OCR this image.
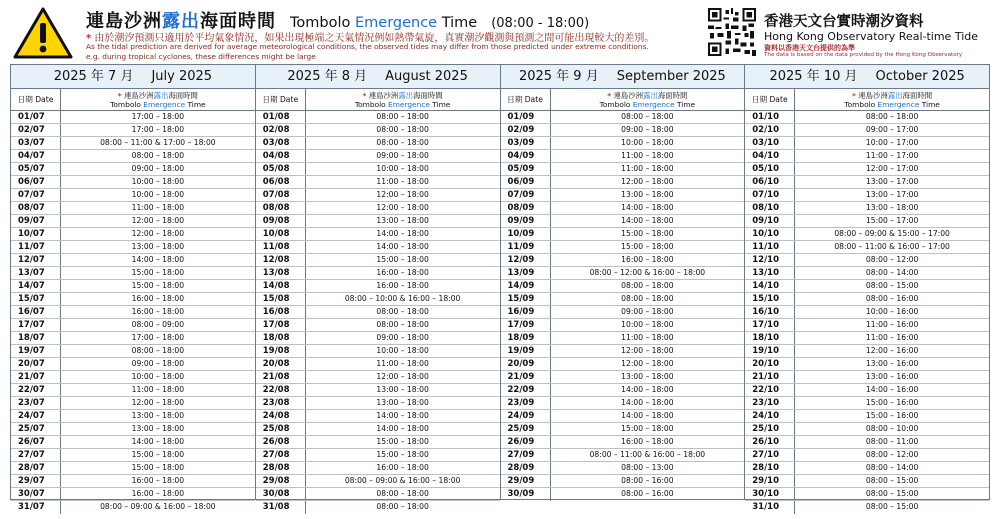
連島沙洲露出海面時間 Tombolo Emergence Time (08:00 - 18:00)
* 由於潮汐預測只適用於平均氣象情況，如果出現極端之天氣情況例如熱帶氣旋，真實潮汐觀測與預測之間可能出現較大的差別。
As the tidal prediction are derived for average meteorological conditions, the observed tides may differ from those predicted under extreme conditions.
e.g. during tropical cyclones, these differences might be large
香港天文台實時潮汐資料
Hong Kong Observatory Real-time Tide
資料以香港天文台提供的為準
The data is based on the data provided by the Hong Kong Observatory
2025 年 7 月 July 2025
日期 Date	* 連島沙洲露出海面時間
Tombolo Emergence Time
01/07	17:00 – 18:00
02/07	17:00 – 18:00
03/07	08:00 – 11:00 & 17:00 – 18:00
04/07	08:00 – 18:00
05/07	09:00 – 18:00
06/07	10:00 – 18:00
07/07	10:00 – 18:00
08/07	11:00 – 18:00
09/07	12:00 – 18:00
10/07	12:00 – 18:00
11/07	13:00 – 18:00
12/07	14:00 – 18:00
13/07	15:00 – 18:00
14/07	15:00 – 18:00
15/07	16:00 – 18:00
16/07	16:00 – 18:00
17/07	08:00 – 09:00
18/07	17:00 – 18:00
19/07	08:00 – 18:00
20/07	09:00 – 18:00
21/07	10:00 – 18:00
22/07	11:00 – 18:00
23/07	12:00 – 18:00
24/07	13:00 – 18:00
25/07	13:00 – 18:00
26/07	14:00 – 18:00
27/07	15:00 – 18:00
28/07	15:00 – 18:00
29/07	16:00 – 18:00
30/07	16:00 – 18:00
31/07	08:00 – 09:00 & 16:00 – 18:00
2025 年 8 月 August 2025
日期 Date	* 連島沙洲露出海面時間
Tombolo Emergence Time
01/08	08:00 – 18:00
02/08	08:00 – 18:00
03/08	08:00 – 18:00
04/08	09:00 – 18:00
05/08	10:00 – 18:00
06/08	11:00 – 18:00
07/08	12:00 – 18:00
08/08	12:00 – 18:00
09/08	13:00 – 18:00
10/08	14:00 – 18:00
11/08	14:00 – 18:00
12/08	15:00 – 18:00
13/08	16:00 – 18:00
14/08	16:00 – 18:00
15/08	08:00 – 10:00 & 16:00 – 18:00
16/08	08:00 – 18:00
17/08	08:00 – 18:00
18/08	09:00 – 18:00
19/08	10:00 – 18:00
20/08	11:00 – 18:00
21/08	12:00 – 18:00
22/08	13:00 – 18:00
23/08	13:00 – 18:00
24/08	14:00 – 18:00
25/08	14:00 – 18:00
26/08	15:00 – 18:00
27/08	15:00 – 18:00
28/08	16:00 – 18:00
29/08	08:00 – 09:00 & 16:00 – 18:00
30/08	08:00 – 18:00
31/08	08:00 – 18:00
2025 年 9 月 September 2025
日期 Date	* 連島沙洲露出海面時間
Tombolo Emergence Time
01/09	08:00 – 18:00
02/09	09:00 – 18:00
03/09	10:00 – 18:00
04/09	11:00 – 18:00
05/09	11:00 – 18:00
06/09	12:00 – 18:00
07/09	13:00 – 18:00
08/09	14:00 – 18:00
09/09	14:00 – 18:00
10/09	15:00 – 18:00
11/09	15:00 – 18:00
12/09	16:00 – 18:00
13/09	08:00 – 12:00 & 16:00 – 18:00
14/09	08:00 – 18:00
15/09	08:00 – 18:00
16/09	09:00 – 18:00
17/09	10:00 – 18:00
18/09	11:00 – 18:00
19/09	12:00 – 18:00
20/09	12:00 – 18:00
21/09	13:00 – 18:00
22/09	14:00 – 18:00
23/09	14:00 – 18:00
24/09	14:00 – 18:00
25/09	15:00 – 18:00
26/09	16:00 – 18:00
27/09	08:00 – 11:00 & 16:00 – 18:00
28/09	08:00 – 13:00
29/09	08:00 – 16:00
30/09	08:00 – 16:00
2025 年 10 月 October 2025
日期 Date	* 連島沙洲露出海面時間
Tombolo Emergence Time
01/10	08:00 – 18:00
02/10	09:00 – 17:00
03/10	10:00 – 17:00
04/10	11:00 – 17:00
05/10	12:00 – 17:00
06/10	13:00 – 17:00
07/10	13:00 – 17:00
08/10	13:00 – 18:00
09/10	15:00 – 17:00
10/10	08:00 – 09:00 & 15:00 – 17:00
11/10	08:00 – 11:00 & 16:00 – 17:00
12/10	08:00 – 12:00
13/10	08:00 – 14:00
14/10	08:00 – 15:00
15/10	08:00 – 16:00
16/10	10:00 – 16:00
17/10	11:00 – 16:00
18/10	11:00 – 16:00
19/10	12:00 – 16:00
20/10	13:00 – 16:00
21/10	13:00 – 16:00
22/10	14:00 – 16:00
23/10	15:00 – 16:00
24/10	15:00 – 16:00
25/10	08:00 – 10:00
26/10	08:00 – 11:00
27/10	08:00 – 12:00
28/10	08:00 – 14:00
29/10	08:00 – 15:00
30/10	08:00 – 15:00
31/10	08:00 – 15:00
